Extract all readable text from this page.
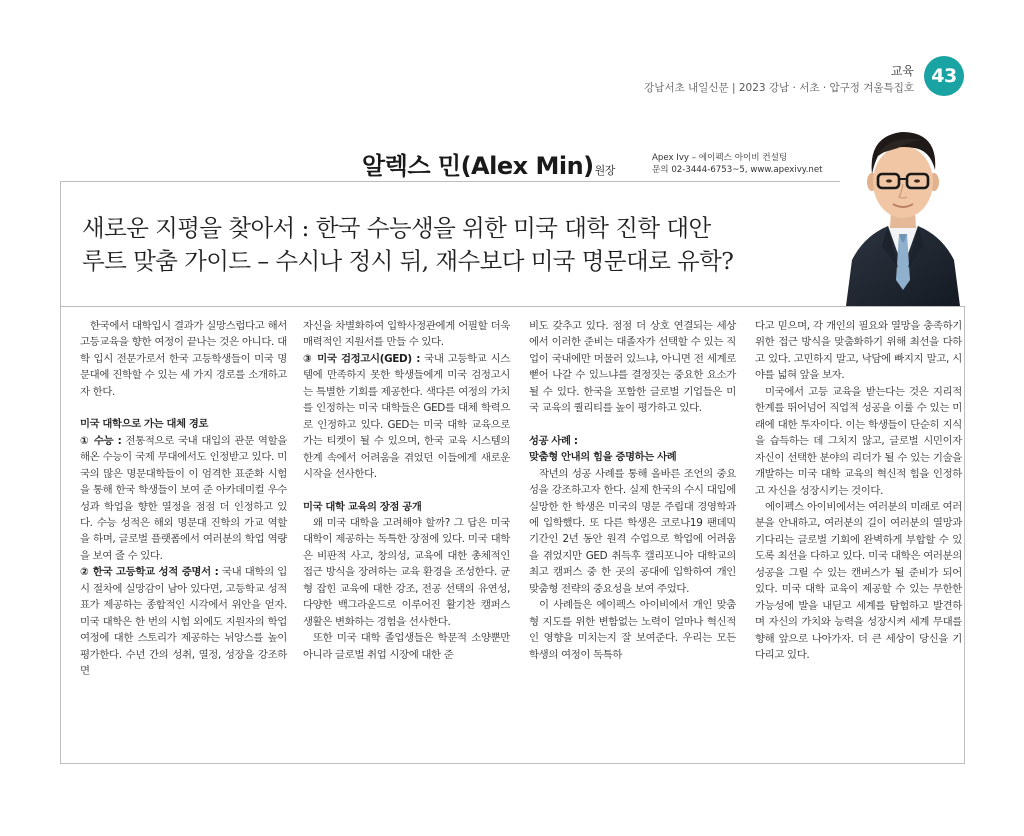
교육 43
강남서초 내일신문 | 2023 강남 · 서초 · 압구정 겨울특집호
알렉스 민(Alex Min)원장
Apex Ivy – 에이펙스 아이비 컨설팅
문의 02-3444-6753~5, www.apexivy.net
새로운 지평을 찾아서 : 한국 수능생을 위한 미국 대학 진학 대안
루트 맞춤 가이드 – 수시나 정시 뒤, 재수보다 미국 명문대로 유학?

한국에서 대학입시 결과가 실망스럽다고 해서 고등교육을 향한 여정이 끝나는 것은 아니다. 대학 입시 전문가로서 한국 고등학생들이 미국 명문대에 진학할 수 있는 세 가지 경로를 소개하고자 한다.

미국 대학으로 가는 대체 경로

① 수능 : 전통적으로 국내 대입의 관문 역할을 해온 수능이 국제 무대에서도 인정받고 있다. 미국의 많은 명문대학들이 이 엄격한 표준화 시험을 통해 한국 학생들이 보여 준 아카데미컬 우수성과 학업을 향한 열정을 점점 더 인정하고 있다. 수능 성적은 해외 명문대 진학의 가교 역할을 하며, 글로벌 플랫폼에서 여러분의 학업 역량을 보여 줄 수 있다.

② 한국 고등학교 성적 증명서 : 국내 대학의 입시 절차에 실망감이 남아 있다면, 고등학교 성적표가 제공하는 종합적인 시각에서 위안을 얻자. 미국 대학은 한 번의 시험 외에도 지원자의 학업 여정에 대한 스토리가 제공하는 뉘앙스를 높이 평가한다. 수년 간의 성취, 열정, 성장을 강조하면

자신을 차별화하여 입학사정관에게 어필할 더욱 매력적인 지원서를 만들 수 있다.

③ 미국 검정고시(GED) : 국내 고등학교 시스템에 만족하지 못한 학생들에게 미국 검정고시는 특별한 기회를 제공한다. 색다른 여정의 가치를 인정하는 미국 대학들은 GED를 대체 학력으로 인정하고 있다. GED는 미국 대학 교육으로 가는 티켓이 될 수 있으며, 한국 교육 시스템의 한계 속에서 어려움을 겪었던 이들에게 새로운 시작을 선사한다.

미국 대학 교육의 장점 공개

왜 미국 대학을 고려해야 할까? 그 답은 미국 대학이 제공하는 독특한 장점에 있다. 미국 대학은 비판적 사고, 창의성, 교육에 대한 총체적인 접근 방식을 장려하는 교육 환경을 조성한다. 균형 잡힌 교육에 대한 강조, 전공 선택의 유연성, 다양한 백그라운드로 이루어진 활기찬 캠퍼스 생활은 변화하는 경험을 선사한다.

또한 미국 대학 졸업생들은 학문적 소양뿐만 아니라 글로벌 취업 시장에 대한 준

비도 갖추고 있다. 점점 더 상호 연결되는 세상에서 이러한 준비는 대졸자가 선택할 수 있는 직업이 국내에만 머물러 있느냐, 아니면 전 세계로 뻗어 나갈 수 있느냐를 결정짓는 중요한 요소가 될 수 있다. 한국을 포함한 글로벌 기업들은 미국 교육의 퀄리티를 높이 평가하고 있다.

성공 사례 :

맞춤형 안내의 힘을 증명하는 사례

작년의 성공 사례를 통해 올바른 조언의 중요성을 강조하고자 한다. 실제 한국의 수시 대입에 실망한 한 학생은 미국의 명문 주립대 경영학과에 입학했다. 또 다른 학생은 코로나19 팬데믹 기간인 2년 동안 원격 수업으로 학업에 어려움을 겪었지만 GED 취득후 캘리포니아 대학교의 최고 캠퍼스 중 한 곳의 공대에 입학하여 개인 맞춤형 전략의 중요성을 보여 주었다.

이 사례들은 에이펙스 아이비에서 개인 맞춤형 지도를 위한 변함없는 노력이 얼마나 혁신적인 영향을 미치는지 잘 보여준다. 우리는 모든 학생의 여정이 독특하

다고 믿으며, 각 개인의 필요와 열망을 충족하기 위한 접근 방식을 맞춤화하기 위해 최선을 다하고 있다. 고민하지 말고, 낙담에 빠지지 말고, 시야를 넓혀 앞을 보자.

미국에서 고등 교육을 받는다는 것은 지리적 한계를 뛰어넘어 직업적 성공을 이룰 수 있는 미래에 대한 투자이다. 이는 학생들이 단순히 지식을 습득하는 데 그치지 않고, 글로벌 시민이자 자신이 선택한 분야의 리더가 될 수 있는 기술을 개발하는 미국 대학 교육의 혁신적 힘을 인정하고 자신을 성장시키는 것이다.

에이펙스 아이비에서는 여러분의 미래로 여러분을 안내하고, 여러분의 길이 여러분의 열망과 기다리는 글로벌 기회에 완벽하게 부합할 수 있도록 최선을 다하고 있다. 미국 대학은 여러분의 성공을 그릴 수 있는 캔버스가 될 준비가 되어 있다. 미국 대학 교육이 제공할 수 있는 무한한 가능성에 발을 내딛고 세계를 탐험하고 발견하며 자신의 가치와 능력을 성장시켜 세계 무대를 향해 앞으로 나아가자. 더 큰 세상이 당신을 기다리고 있다.
